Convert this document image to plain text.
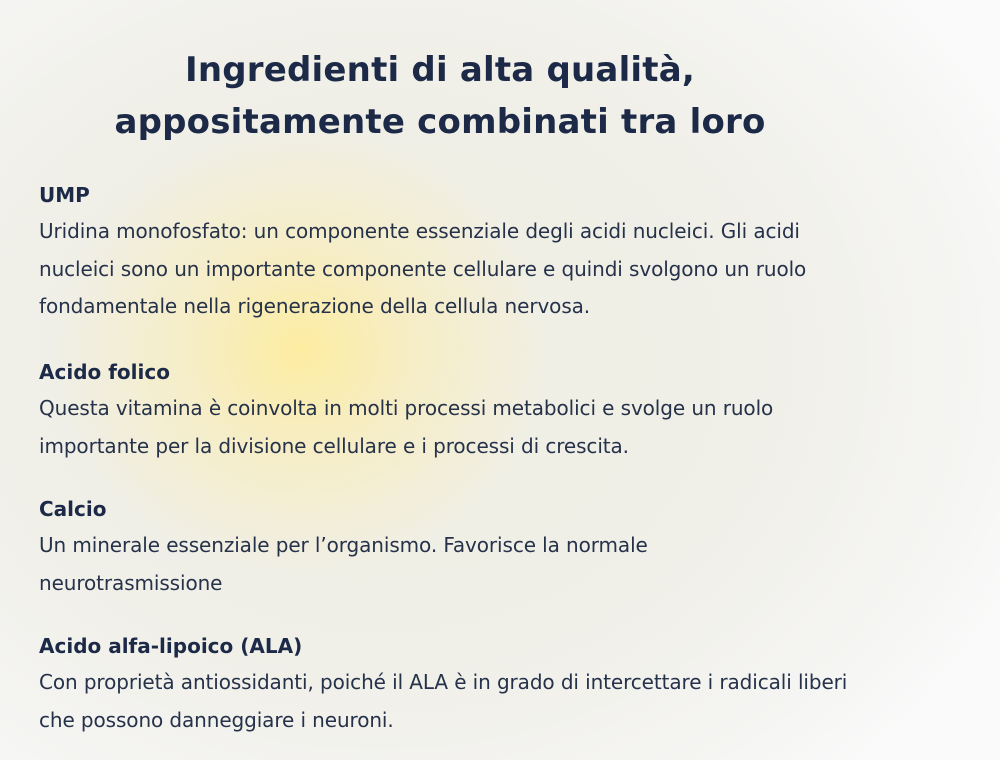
Ingredienti di alta qualità,
appositamente combinati tra loro
UMP

Uridina monofosfato: un componente essenziale degli acidi nucleici. Gli acidi
nucleici sono un importante componente cellulare e quindi svolgono un ruolo
fondamentale nella rigenerazione della cellula nervosa.

Acido folico

Questa vitamina è coinvolta in molti processi metabolici e svolge un ruolo
importante per la divisione cellulare e i processi di crescita.

Calcio

Un minerale essenziale per l’organismo. Favorisce la normale
neurotrasmissione

Acido alfa-lipoico (ALA)

Con proprietà antiossidanti, poiché il ALA è in grado di intercettare i radicali liberi
che possono danneggiare i neuroni.
